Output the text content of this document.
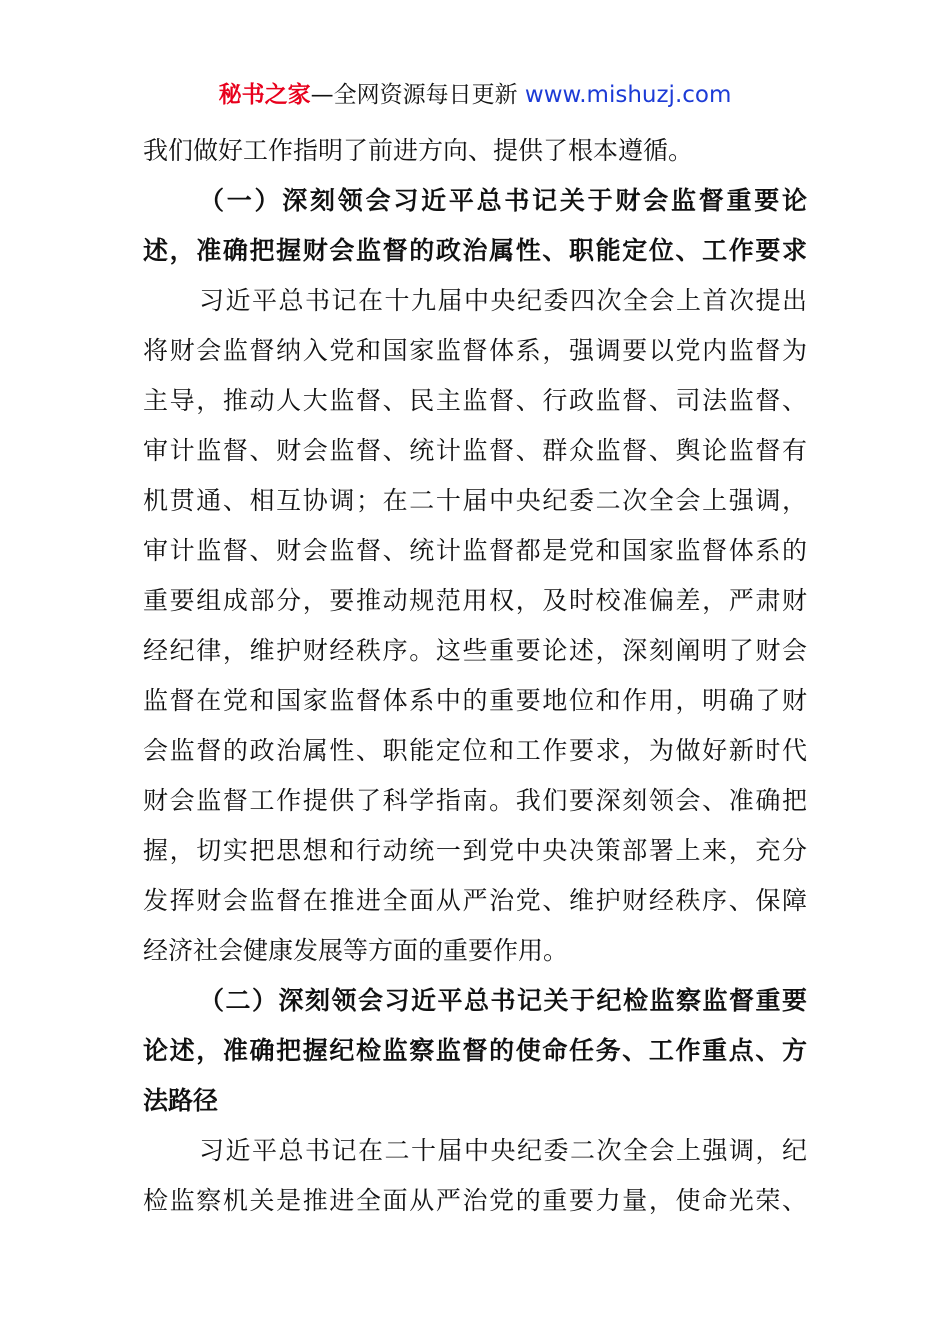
秘书之家—全网资源每日更新 www.mishuzj.com
我们做好工作指明了前进方向、提供了根本遵循。
（一）深刻领会习近平总书记关于财会监督重要论
述，准确把握财会监督的政治属性、职能定位、工作要求
习近平总书记在十九届中央纪委四次全会上首次提出
将财会监督纳入党和国家监督体系，强调要以党内监督为
主导，推动人大监督、民主监督、行政监督、司法监督、
审计监督、财会监督、统计监督、群众监督、舆论监督有
机贯通、相互协调；在二十届中央纪委二次全会上强调，
审计监督、财会监督、统计监督都是党和国家监督体系的
重要组成部分，要推动规范用权，及时校准偏差，严肃财
经纪律，维护财经秩序。这些重要论述，深刻阐明了财会
监督在党和国家监督体系中的重要地位和作用，明确了财
会监督的政治属性、职能定位和工作要求，为做好新时代
财会监督工作提供了科学指南。我们要深刻领会、准确把
握，切实把思想和行动统一到党中央决策部署上来，充分
发挥财会监督在推进全面从严治党、维护财经秩序、保障
经济社会健康发展等方面的重要作用。
（二）深刻领会习近平总书记关于纪检监察监督重要
论述，准确把握纪检监察监督的使命任务、工作重点、方
法路径
习近平总书记在二十届中央纪委二次全会上强调，纪
检监察机关是推进全面从严治党的重要力量，使命光荣、
